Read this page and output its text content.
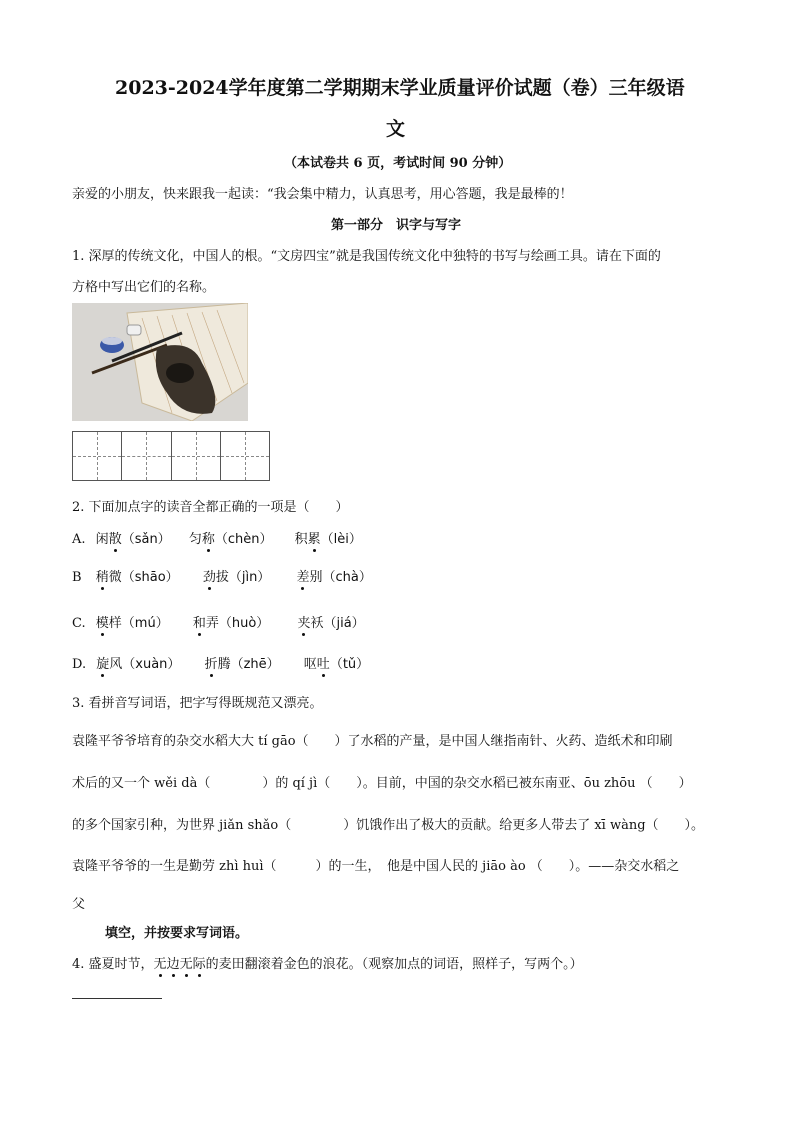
2023-2024学年度第二学期期末学业质量评价试题（卷）三年级语
文
（本试卷共 6 页，考试时间 90 分钟）
亲爱的小朋友，快来跟我一起读：“我会集中精力，认真思考，用心答题，我是最棒的！
第一部分　识字与写字
1. 深厚的传统文化，中国人的根。“文房四宝”就是我国传统文化中独特的书写与绘画工具。请在下面的
方格中写出它们的名称。
2. 下面加点字的读音全都正确的一项是（　　）
A. 闲散（sǎn） 匀称（chèn） 积累（lèi）
B 稍微（shāo） 劲拔（jìn） 差别（chà）
C. 模样（mú） 和弄（huò） 夹袄（jiá）
D. 旋风（xuàn） 折腾（zhē） 呕吐（tǔ）
3. 看拼音写词语，把字写得既规范又漂亮。
袁隆平爷爷培育的杂交水稻大大 tí gāo（　　）了水稻的产量，是中国人继指南针、火药、造纸术和印刷
术后的又一个 wěi dà（　　　　）的 qí jì（　　）。目前，中国的杂交水稻已被东南亚、ōu zhōu （　　）
的多个国家引种，为世界 jiǎn shǎo（　　　　）饥饿作出了极大的贡献。给更多人带去了 xī wàng（　　）。
袁隆平爷爷的一生是勤劳 zhì huì（　　　）的一生，　他是中国人民的 jiāo ào （　　）。——杂交水稻之
父
填空，并按要求写词语。
4. 盛夏时节，无边无际的麦田翻滚着金色的浪花。（观察加点的词语，照样子，写两个。）
